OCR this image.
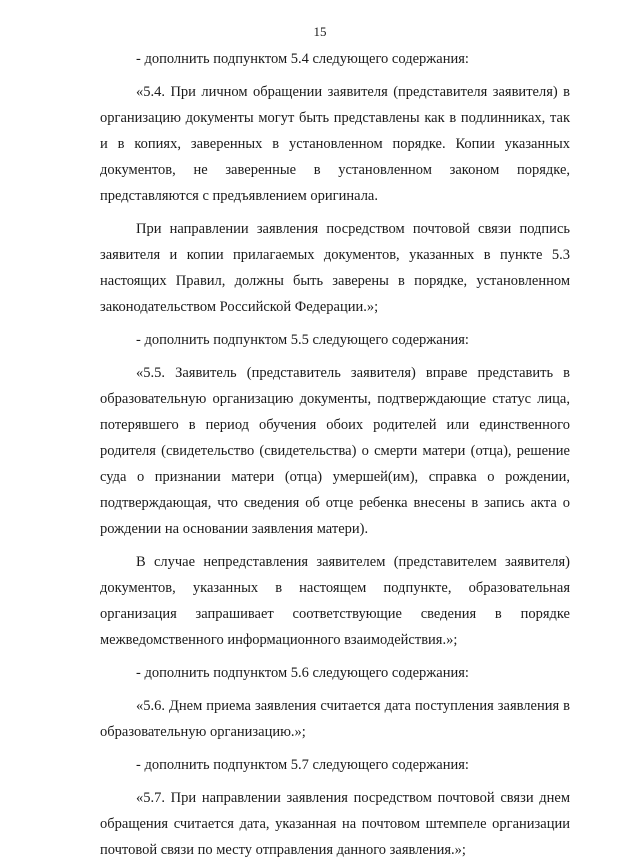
15

- дополнить подпунктом 5.4 следующего содержания:

«5.4. При личном обращении заявителя (представителя заявителя) в организацию документы могут быть представлены как в подлинниках, так и в копиях, заверенных в установленном порядке. Копии указанных документов, не заверенные в установленном законом порядке, представляются с предъявлением оригинала.

При направлении заявления посредством почтовой связи подпись заявителя и копии прилагаемых документов, указанных в пункте 5.3 настоящих Правил, должны быть заверены в порядке, установленном законодательством Российской Федерации.»;

- дополнить подпунктом 5.5 следующего содержания:

«5.5. Заявитель (представитель заявителя) вправе представить в образовательную организацию документы, подтверждающие статус лица, потерявшего в период обучения обоих родителей или единственного родителя (свидетельство (свидетельства) о смерти матери (отца), решение суда о признании матери (отца) умершей(им), справка о рождении, подтверждающая, что сведения об отце ребенка внесены в запись акта о рождении на основании заявления матери).

В случае непредставления заявителем (представителем заявителя) документов, указанных в настоящем подпункте, образовательная организация запрашивает соответствующие сведения в порядке межведомственного информационного взаимодействия.»;

- дополнить подпунктом 5.6 следующего содержания:

«5.6. Днем приема заявления считается дата поступления заявления в образовательную организацию.»;

- дополнить подпунктом 5.7 следующего содержания:

«5.7. При направлении заявления посредством почтовой связи днем обращения считается дата, указанная на почтовом штемпеле организации почтовой связи по месту отправления данного заявления.»;
